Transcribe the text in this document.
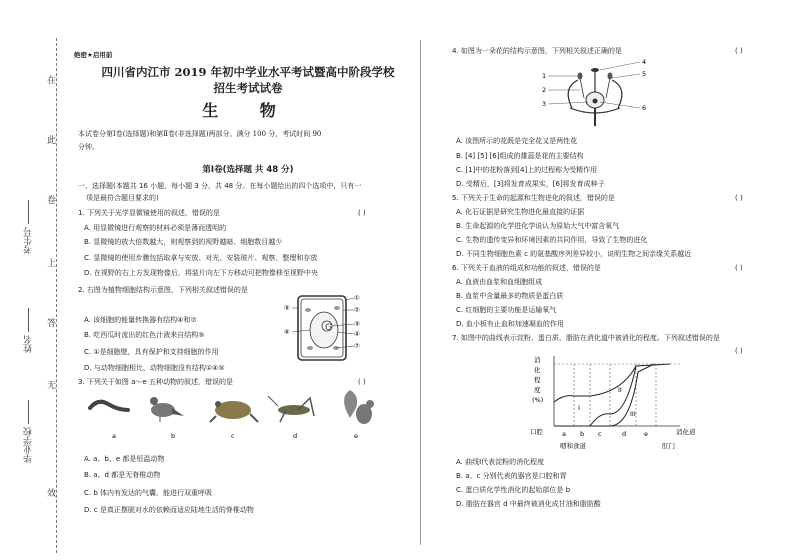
在
此
卷
上
答
无
效
考生号
姓名
毕业学校
绝密★启用前
四川省内江市 2019 年初中学业水平考试暨高中阶段学校
招生考试试卷
生 物
本试卷分第Ⅰ卷(选择题)和第Ⅱ卷(非选择题)两部分。满分 100 分，考试时间 90
分钟。
第Ⅰ卷(选择题 共 48 分)
一、选择题(本题共 16 小题，每小题 3 分，共 48 分。在每小题给出的四个选项中，只有一
项是最符合题目要求的)
1. 下列关于光学显微镜使用的叙述，错误的是	( )
A. 用显微镜进行观察的材料必须是薄而透明的
B. 显微镜的放大倍数越大，则观察到的视野越暗、细胞数目越少
C. 显微镜的使用步骤包括取拿与安放、对光、安装玻片、观察、整理和存放
D. 在视野的右上方发现物像后，将装片向左下方移动可把物像移至视野中央
2. 右图为植物细胞结构示意图，下列相关叙述错误的是
A. 该细胞的能量转换器有结构④和⑦
B. 吃西瓜时流出的红色汁液来自结构⑤
C. ①是细胞壁，具有保护和支持细胞的作用
D. 与动物细胞相比，动物细胞没有结构①④⑤
G
①
②
③
④
⑦
⑤
⑥
3. 下列关于如图 a～e 五种动物的叙述，错误的是	( )
a	b	c	d	e
A. a、b、e 都是恒温动物
B. a、d 都是无脊椎动物
C. b 体内有发达的气囊，能进行双重呼吸
D. c 是真正摆脱对水的依赖而适应陆地生活的脊椎动物
4. 如图为一朵花的结构示意图，下列相关叙述正确的是	( )
1
2
3
4
5
6
A. 该图所示的花既是完全花又是两性花
B. [4] [5] [6]组成的雄蕊是花的主要结构
C. [1]中的花粉落到[4]上的过程称为受精作用
D. 受精后，[3]将发育成果实，[6]将发育成种子
5. 下列关于生命的起源和生物进化的叙述，错误的是	( )
A. 化石证据是研究生物进化最直接的证据
B. 生命起源的化学进化学说认为原始大气中富含氧气
C. 生物的遗传变异和环境因素的共同作用，导致了生物的进化
D. 不同生物细胞色素 c 的氨基酸序列差异较小，说明生物之间亲缘关系越近
6. 下列关于血液的组成和功能的叙述，错误的是	( )
A. 血液由血浆和血细胞组成
B. 血浆中含量最多的物质是蛋白质
C. 红细胞的主要功能是运输氧气
D. 血小板有止血和加速凝血的作用
7. 如图中的曲线表示淀粉、蛋白质、脂肪在消化道中被消化的程度。下列叙述错误的是
( )
消
化
程
度
(%)
I
II
III
a b c	d	e	消化道
口腔
咽和食道	肛门
A. 曲线Ⅰ代表淀粉的消化程度
B. a、c 分别代表的器官是口腔和胃
C. 蛋白质化学性消化的起始部位是 b
D. 脂肪在器官 d 中最终被消化成甘油和脂肪酸
